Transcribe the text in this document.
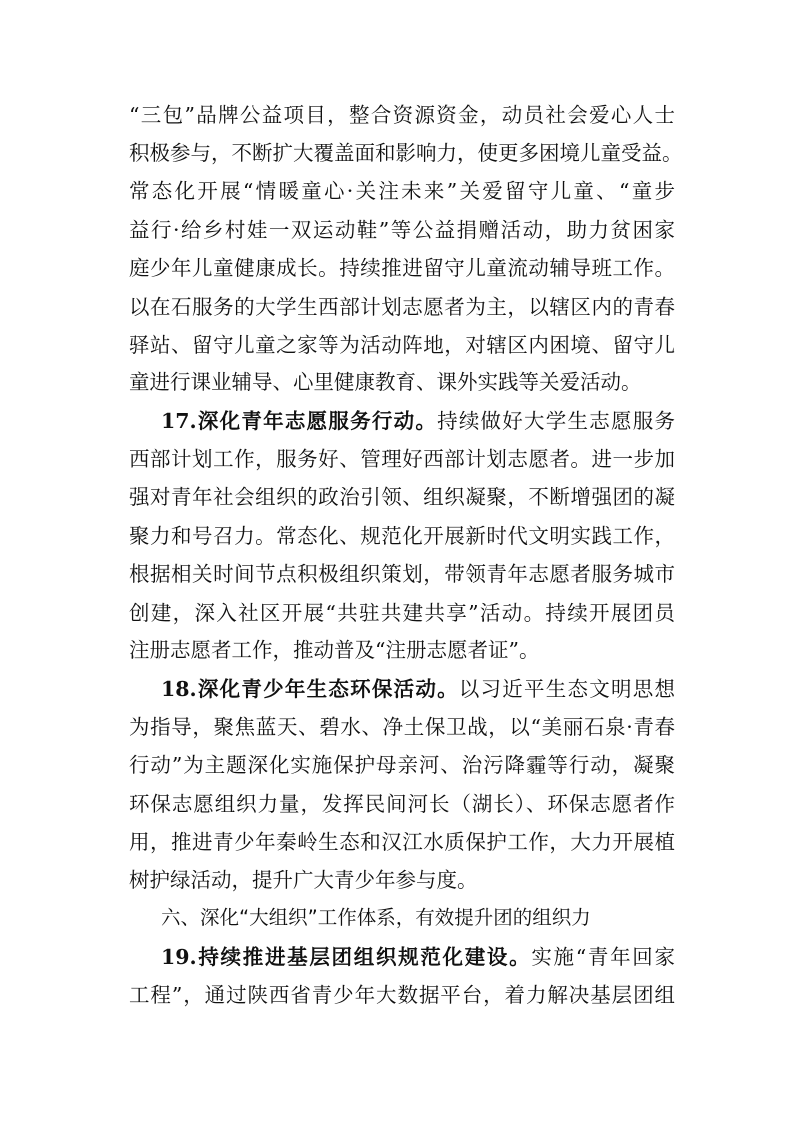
“三包”品牌公益项目，整合资源资金，动员社会爱心人士
积极参与，不断扩大覆盖面和影响力，使更多困境儿童受益。
常态化开展“情暖童心·关注未来”关爱留守儿童、“童步
益行·给乡村娃一双运动鞋”等公益捐赠活动，助力贫困家
庭少年儿童健康成长。持续推进留守儿童流动辅导班工作。
以在石服务的大学生西部计划志愿者为主，以辖区内的青春
驿站、留守儿童之家等为活动阵地，对辖区内困境、留守儿
童进行课业辅导、心里健康教育、课外实践等关爱活动。
17.深化青年志愿服务行动。持续做好大学生志愿服务
西部计划工作，服务好、管理好西部计划志愿者。进一步加
强对青年社会组织的政治引领、组织凝聚，不断增强团的凝
聚力和号召力。常态化、规范化开展新时代文明实践工作，
根据相关时间节点积极组织策划，带领青年志愿者服务城市
创建，深入社区开展“共驻共建共享”活动。持续开展团员
注册志愿者工作，推动普及“注册志愿者证”。
18.深化青少年生态环保活动。以习近平生态文明思想
为指导，聚焦蓝天、碧水、净土保卫战，以“美丽石泉·青春
行动”为主题深化实施保护母亲河、治污降霾等行动，凝聚
环保志愿组织力量，发挥民间河长（湖长）、环保志愿者作
用，推进青少年秦岭生态和汉江水质保护工作，大力开展植
树护绿活动，提升广大青少年参与度。
六、深化“大组织”工作体系，有效提升团的组织力
19.持续推进基层团组织规范化建设。实施“青年回家
工程”，通过陕西省青少年大数据平台，着力解决基层团组
